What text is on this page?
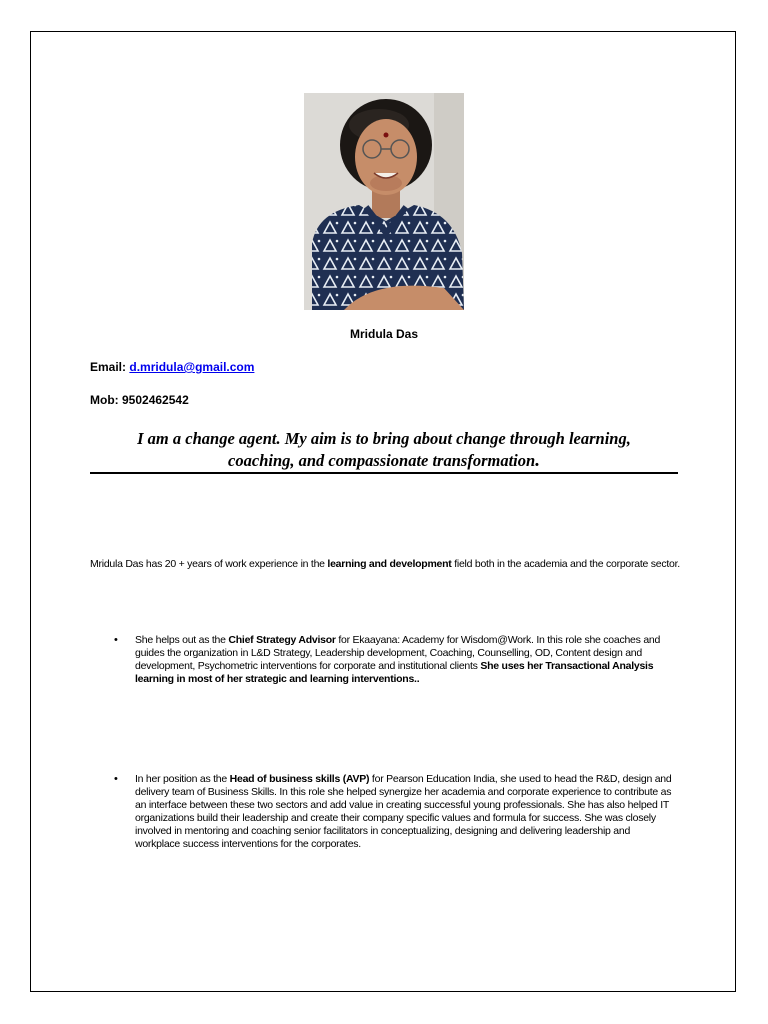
Mridula Das
Email: d.mridula@gmail.com
Mob: 9502462542
I am a change agent. My aim is to bring about change through learning,
coaching, and compassionate transformation.
Mridula Das has 20 + years of work experience in the learning and development field both in the academia and the corporate sector.
• She helps out as the Chief Strategy Advisor for Ekaayana: Academy for Wisdom@Work. In this role she coaches and guides the organization in L&D Strategy, Leadership development, Coaching, Counselling, OD, Content design and development, Psychometric interventions for corporate and institutional clients She uses her Transactional Analysis learning in most of her strategic and learning interventions..
• In her position as the Head of business skills (AVP) for Pearson Education India, she used to head the R&D, design and delivery team of Business Skills. In this role she helped synergize her academia and corporate experience to contribute as an interface between these two sectors and add value in creating successful young professionals. She has also helped IT organizations build their leadership and create their company specific values and formula for success. She was closely involved in mentoring and coaching senior facilitators in conceptualizing, designing and delivering leadership and workplace success interventions for the corporates.
